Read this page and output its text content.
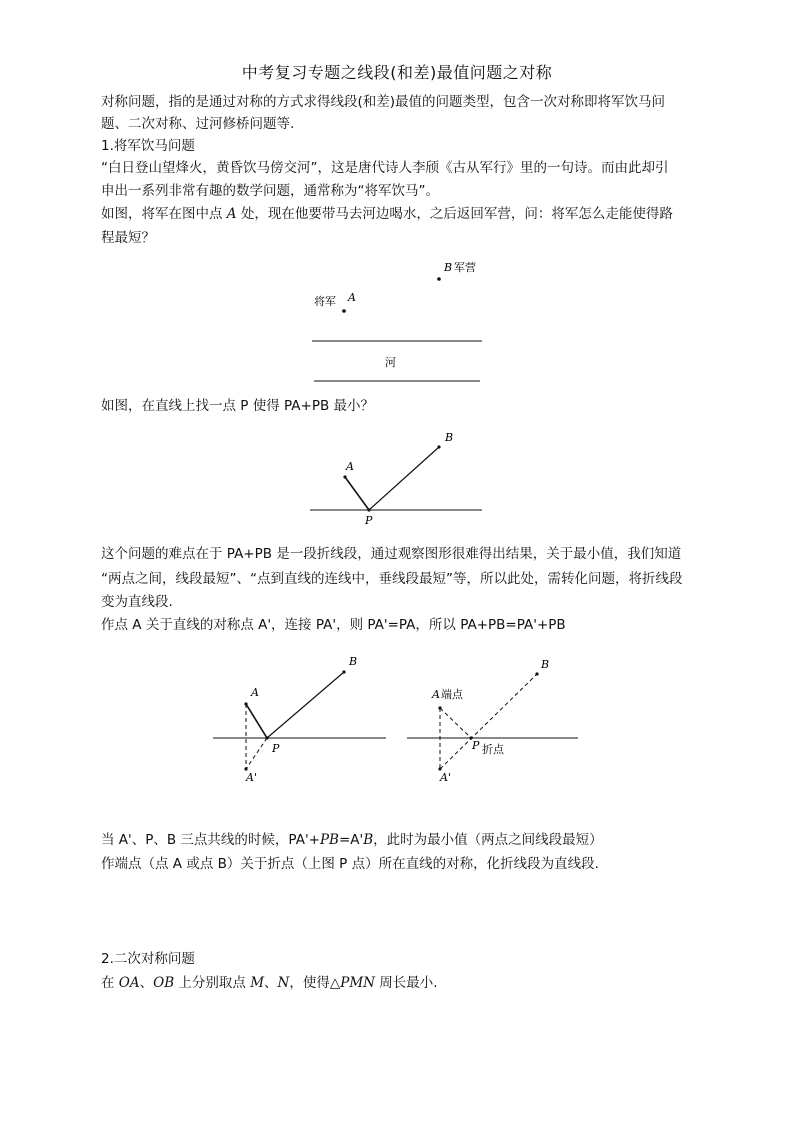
中考复习专题之线段(和差)最值问题之对称
对称问题，指的是通过对称的方式求得线段(和差)最值的问题类型，包含一次对称即将军饮马问
题、二次对称、过河修桥问题等.
1.将军饮马问题
“白日登山望烽火，黄昏饮马傍交河”，这是唐代诗人李颀《古从军行》里的一句诗。而由此却引
申出一系列非常有趣的数学问题，通常称为“将军饮马”。
如图，将军在图中点 A 处，现在他要带马去河边喝水，之后返回军营，问：将军怎么走能使得路
程最短？
B 军营
将军 A
河
如图，在直线上找一点 P 使得 PA+PB 最小？
A
B
P
这个问题的难点在于 PA+PB 是一段折线段，通过观察图形很难得出结果，关于最小值，我们知道
“两点之间，线段最短”、“点到直线的连线中，垂线段最短”等，所以此处，需转化问题，将折线段
变为直线段.
作点 A 关于直线的对称点 A'，连接 PA'，则 PA'=PA，所以 PA+PB=PA'+PB
A
B
P
A'
A 端点
B
P 折点
A'
当 A'、P、B 三点共线的时候，PA'+PB=A'B，此时为最小值（两点之间线段最短）
作端点（点 A 或点 B）关于折点（上图 P 点）所在直线的对称，化折线段为直线段.
2.二次对称问题
在 OA、OB 上分别取点 M、N，使得△PMN 周长最小.
